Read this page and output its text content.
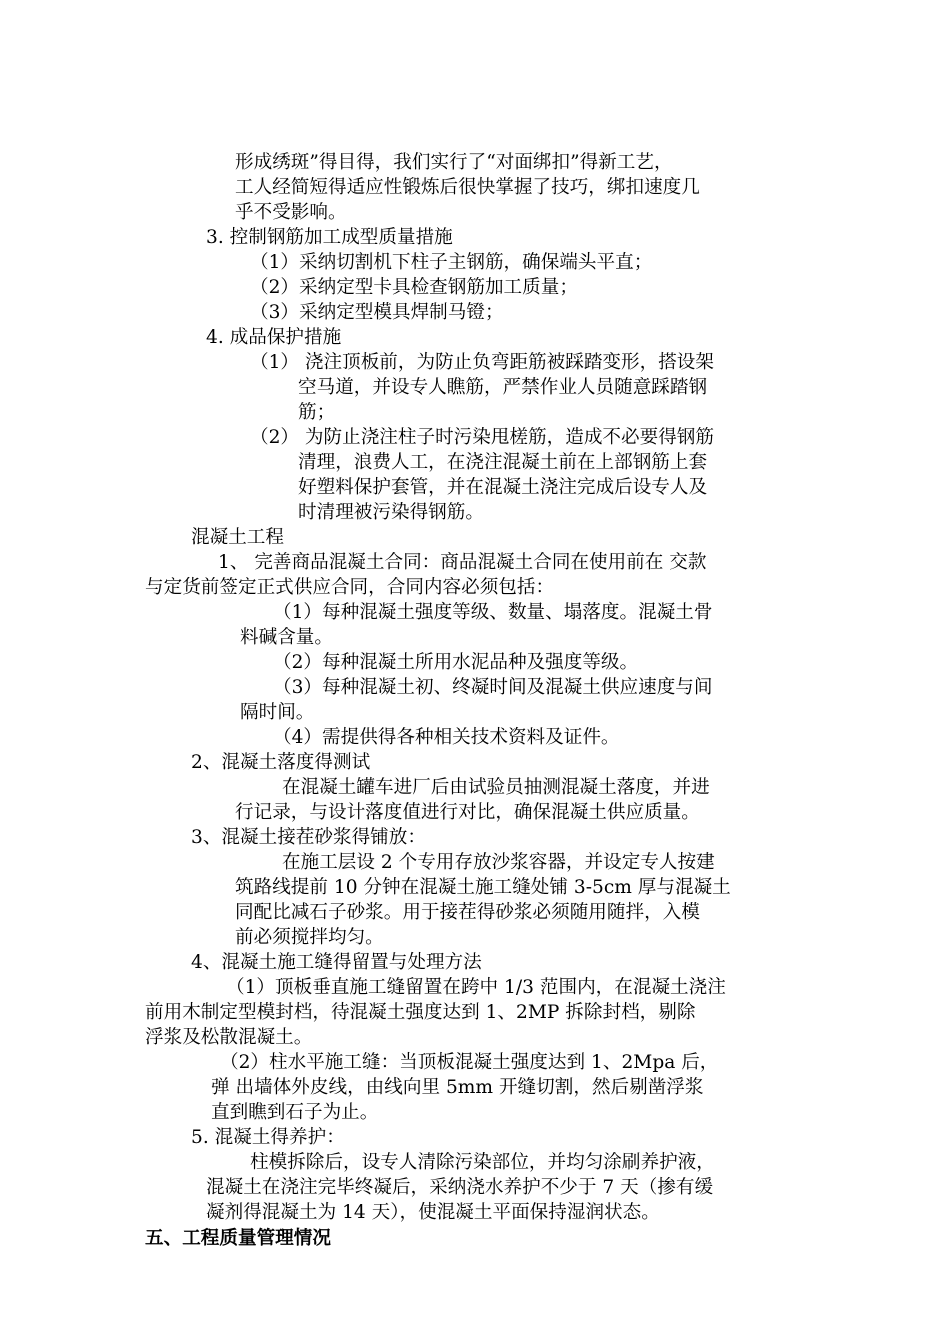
形成绣斑”得目得，我们实行了“对面绑扣”得新工艺，

工人经简短得适应性锻炼后很快掌握了技巧，绑扣速度几

乎不受影响。

3. 控制钢筋加工成型质量措施

（1）采纳切割机下柱子主钢筋，确保端头平直；

（2）采纳定型卡具检查钢筋加工质量；

（3）采纳定型模具焊制马镫；

4. 成品保护措施

（1） 浇注顶板前，为防止负弯距筋被踩踏变形，搭设架

空马道，并设专人瞧筋，严禁作业人员随意踩踏钢

筋；

（2） 为防止浇注柱子时污染甩槎筋，造成不必要得钢筋

清理，浪费人工，在浇注混凝土前在上部钢筋上套

好塑料保护套管，并在混凝土浇注完成后设专人及

时清理被污染得钢筋。

混凝土工程

1、 完善商品混凝土合同：商品混凝土合同在使用前在 交款

与定货前签定正式供应合同，合同内容必须包括：

（1）每种混凝土强度等级、数量、塌落度。混凝土骨

料碱含量。

（2）每种混凝土所用水泥品种及强度等级。

（3）每种混凝土初、终凝时间及混凝土供应速度与间

隔时间。

（4）需提供得各种相关技术资料及证件。

2、混凝土落度得测试

在混凝土罐车进厂后由试验员抽测混凝土落度，并进

行记录，与设计落度值进行对比，确保混凝土供应质量。

3、混凝土接茬砂浆得铺放：

在施工层设 2 个专用存放沙浆容器，并设定专人按建

筑路线提前 10 分钟在混凝土施工缝处铺 3-5cm 厚与混凝土

同配比减石子砂浆。用于接茬得砂浆必须随用随拌，入模

前必须搅拌均匀。

4、混凝土施工缝得留置与处理方法

（1）顶板垂直施工缝留置在跨中 1/3 范围内，在混凝土浇注

前用木制定型模封档，待混凝土强度达到 1、2MP 拆除封档，剔除

浮浆及松散混凝土。

（2）柱水平施工缝：当顶板混凝土强度达到 1、2Mpa 后，

弹 出墙体外皮线，由线向里 5mm 开缝切割，然后剔凿浮浆

直到瞧到石子为止。

5. 混凝土得养护：

柱模拆除后，设专人清除污染部位，并均匀涂刷养护液，

混凝土在浇注完毕终凝后，采纳浇水养护不少于 7 天（掺有缓

凝剂得混凝土为 14 天），使混凝土平面保持湿润状态。

五、工程质量管理情况
